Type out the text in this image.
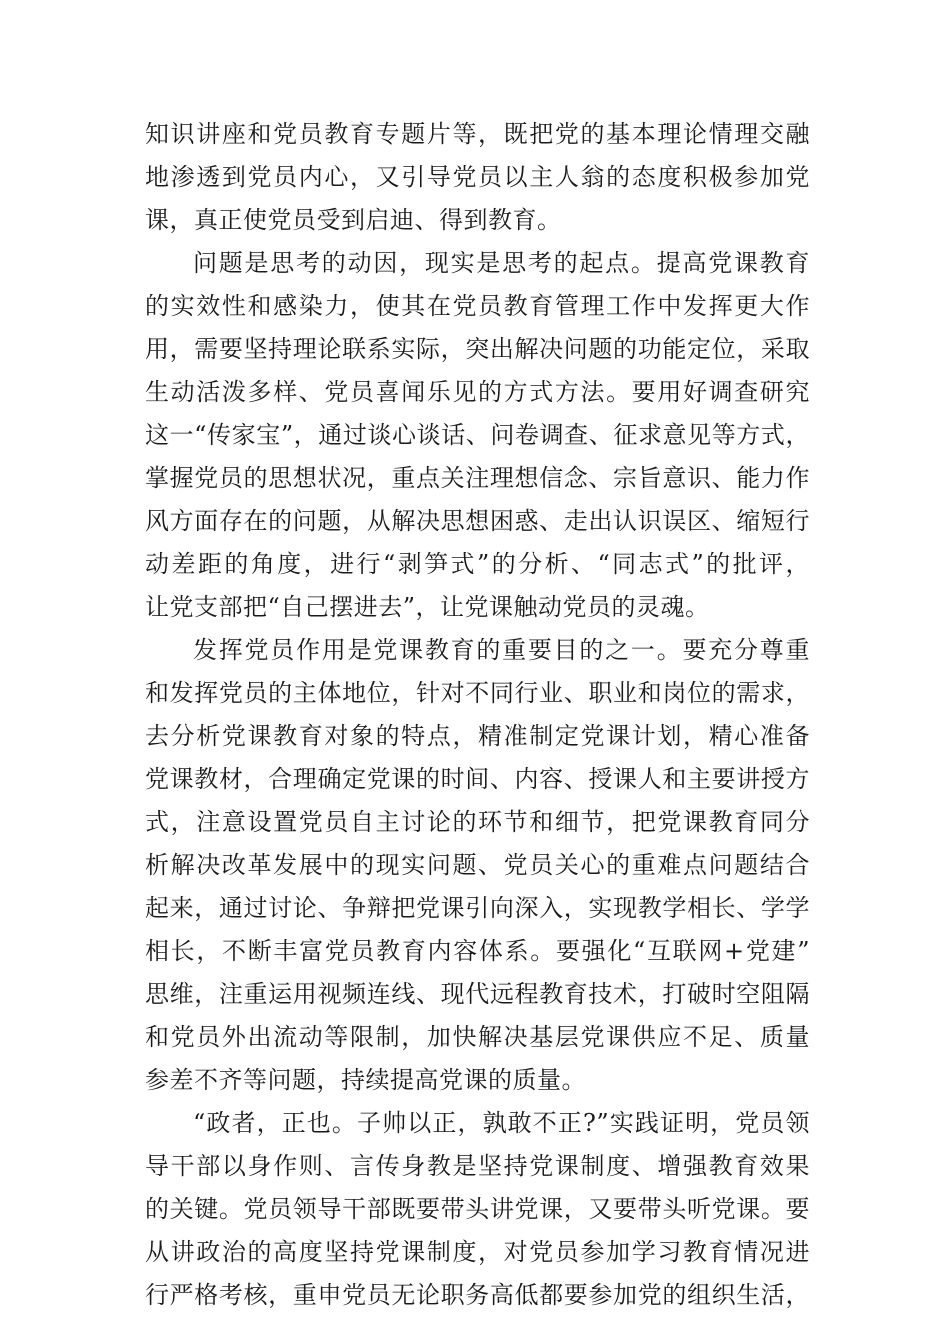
知识讲座和党员教育专题片等，既把党的基本理论情理交融
地渗透到党员内心，又引导党员以主人翁的态度积极参加党
课，真正使党员受到启迪、得到教育。
问题是思考的动因，现实是思考的起点。提高党课教育
的实效性和感染力，使其在党员教育管理工作中发挥更大作
用，需要坚持理论联系实际，突出解决问题的功能定位，采取
生动活泼多样、党员喜闻乐见的方式方法。要用好调查研究
这一“传家宝”，通过谈心谈话、问卷调查、征求意见等方式，
掌握党员的思想状况，重点关注理想信念、宗旨意识、能力作
风方面存在的问题，从解决思想困惑、走出认识误区、缩短行
动差距的角度，进行“剥笋式”的分析、“同志式”的批评，
让党支部把“自己摆进去”，让党课触动党员的灵魂。
发挥党员作用是党课教育的重要目的之一。要充分尊重
和发挥党员的主体地位，针对不同行业、职业和岗位的需求，
去分析党课教育对象的特点，精准制定党课计划，精心准备
党课教材，合理确定党课的时间、内容、授课人和主要讲授方
式，注意设置党员自主讨论的环节和细节，把党课教育同分
析解决改革发展中的现实问题、党员关心的重难点问题结合
起来，通过讨论、争辩把党课引向深入，实现教学相长、学学
相长，不断丰富党员教育内容体系。要强化“互联网+党建”
思维，注重运用视频连线、现代远程教育技术，打破时空阻隔
和党员外出流动等限制，加快解决基层党课供应不足、质量
参差不齐等问题，持续提高党课的质量。
“政者，正也。子帅以正，孰敢不正?”实践证明，党员领
导干部以身作则、言传身教是坚持党课制度、增强教育效果
的关键。党员领导干部既要带头讲党课，又要带头听党课。要
从讲政治的高度坚持党课制度，对党员参加学习教育情况进
行严格考核，重申党员无论职务高低都要参加党的组织生活，
